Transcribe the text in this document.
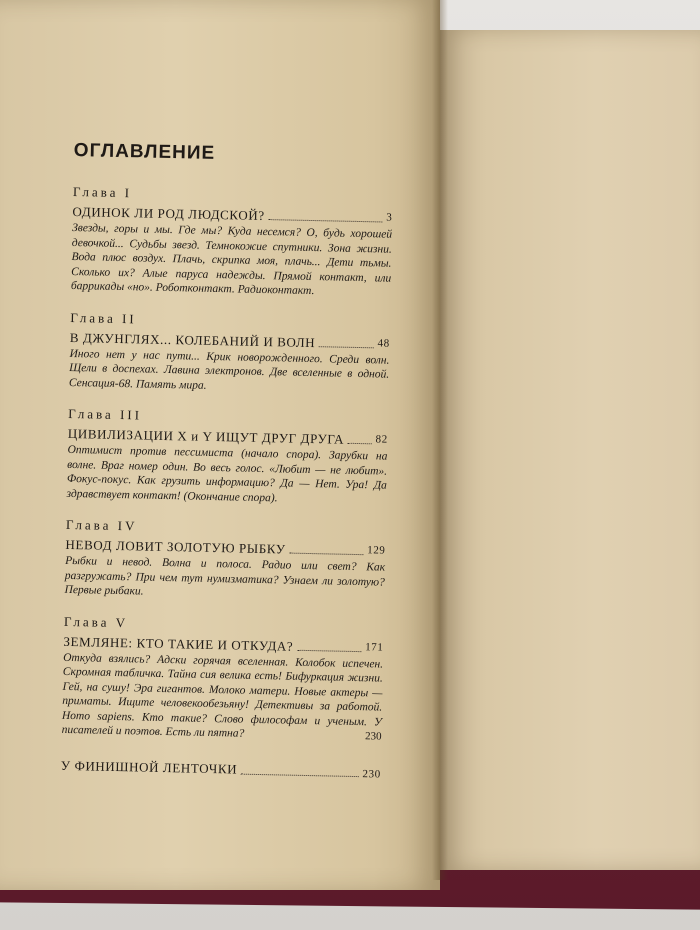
ОГЛАВЛЕНИЕ
Глава I
ОДИНОК ЛИ РОД ЛЮДСКОЙ?	3
Звезды, горы и мы. Где мы? Куда несемся? О, будь хорошей девочкой... Судьбы звезд. Темнокожие спутники. Зона жизни. Вода плюс воздух. Плачь, скрипка моя, плачь... Дети тьмы. Сколько их? Алые паруса надежды. Прямой контакт, или баррикады «но». Роботконтакт. Радиоконтакт.
Глава II
В ДЖУНГЛЯХ... КОЛЕБАНИЙ И ВОЛН	48
Иного нет у нас пути... Крик новорожденного. Среди волн. Щели в доспехах. Лавина электронов. Две вселенные в одной. Сенсация-68. Память мира.
Глава III
ЦИВИЛИЗАЦИИ X и Y ИЩУТ ДРУГ ДРУГА	82
Оптимист против пессимиста (начало спора). Зарубки на волне. Враг номер один. Во весь голос. «Любит — не любит». Фокус-покус. Как грузить информацию? Да — Нет. Ура! Да здравствует контакт! (Окончание спора).
Глава IV
НЕВОД ЛОВИТ ЗОЛОТУЮ РЫБКУ	129
Рыбки и невод. Волна и полоса. Радио или свет? Как разгружать? При чем тут нумизматика? Узнаем ли золотую? Первые рыбаки.
Глава V
ЗЕМЛЯНЕ: КТО ТАКИЕ И ОТКУДА?	171
Откуда взялись? Адски горячая вселенная. Колобок испечен. Скромная табличка. Тайна сия велика есть! Бифуркация жизни. Гей, на сушу! Эра гигантов. Молоко матери. Новые актеры — приматы. Ищите человекообезьяну! Детективы за работой. Homo sapiens. Кто такие? Слово философам и ученым. У писателей и поэтов. Есть ли пятна?	230
У ФИНИШНОЙ ЛЕНТОЧКИ	230
